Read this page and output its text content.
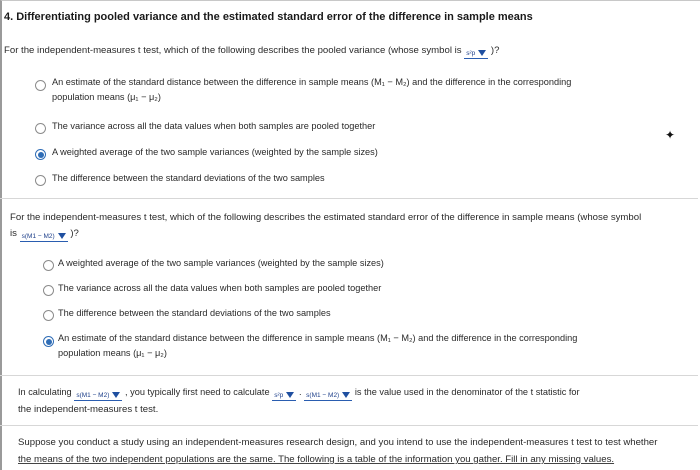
4. Differentiating pooled variance and the estimated standard error of the difference in sample means
For the independent-measures t test, which of the following describes the pooled variance (whose symbol is s²p )?
An estimate of the standard distance between the difference in sample means (M₁ − M₂) and the difference in the corresponding
population means (μ₁ − μ₂)
The variance across all the data values when both samples are pooled together
A weighted average of the two sample variances (weighted by the sample sizes)
The difference between the standard deviations of the two samples
✦
For the independent-measures t test, which of the following describes the estimated standard error of the difference in sample means (whose symbol
is s(M1 − M2) )?
A weighted average of the two sample variances (weighted by the sample sizes)
The variance across all the data values when both samples are pooled together
The difference between the standard deviations of the two samples
An estimate of the standard distance between the difference in sample means (M₁ − M₂) and the difference in the corresponding
population means (μ₁ − μ₂)
In calculating s(M1 − M2) , you typically first need to calculate s²p . s(M1 − M2) is the value used in the denominator of the t statistic for
the independent-measures t test.
Suppose you conduct a study using an independent-measures research design, and you intend to use the independent-measures t test to test whether
the means of the two independent populations are the same. The following is a table of the information you gather. Fill in any missing values.
